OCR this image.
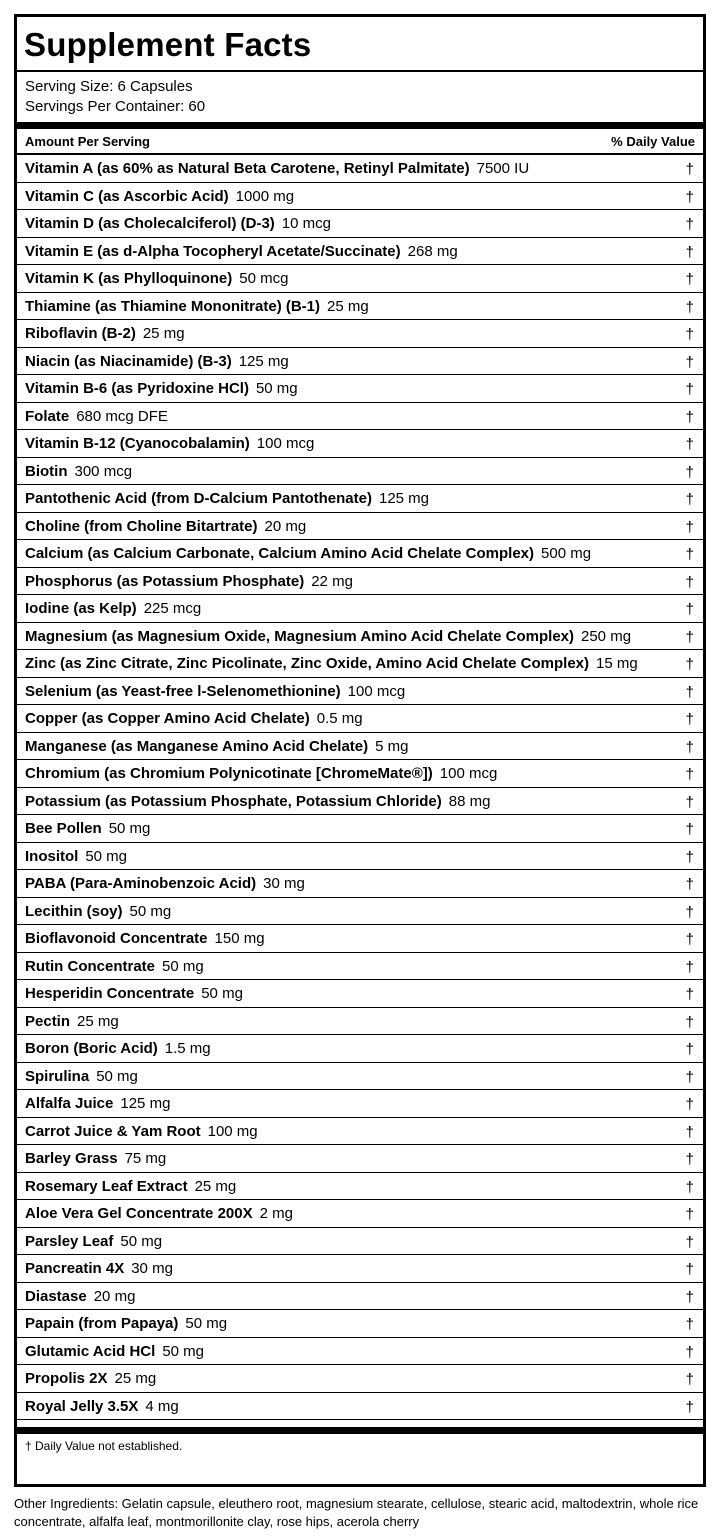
Supplement Facts
Serving Size: 6 Capsules
Servings Per Container: 60
Amount Per Serving	% Daily Value
Vitamin A (as 60% as Natural Beta Carotene, Retinyl Palmitate) 7500 IU	†
Vitamin C (as Ascorbic Acid) 1000 mg	†
Vitamin D (as Cholecalciferol) (D-3) 10 mcg	†
Vitamin E (as d-Alpha Tocopheryl Acetate/Succinate) 268 mg	†
Vitamin K (as Phylloquinone) 50 mcg	†
Thiamine (as Thiamine Mononitrate) (B-1) 25 mg	†
Riboflavin (B-2) 25 mg	†
Niacin (as Niacinamide) (B-3) 125 mg	†
Vitamin B-6 (as Pyridoxine HCl) 50 mg	†
Folate 680 mcg DFE	†
Vitamin B-12 (Cyanocobalamin) 100 mcg	†
Biotin 300 mcg	†
Pantothenic Acid (from D-Calcium Pantothenate) 125 mg	†
Choline (from Choline Bitartrate) 20 mg	†
Calcium (as Calcium Carbonate, Calcium Amino Acid Chelate Complex) 500 mg	†
Phosphorus (as Potassium Phosphate) 22 mg	†
Iodine (as Kelp) 225 mcg	†
Magnesium (as Magnesium Oxide, Magnesium Amino Acid Chelate Complex) 250 mg	†
Zinc (as Zinc Citrate, Zinc Picolinate, Zinc Oxide, Amino Acid Chelate Complex) 15 mg	†
Selenium (as Yeast-free l-Selenomethionine) 100 mcg	†
Copper (as Copper Amino Acid Chelate) 0.5 mg	†
Manganese (as Manganese Amino Acid Chelate) 5 mg	†
Chromium (as Chromium Polynicotinate [ChromeMate®]) 100 mcg	†
Potassium (as Potassium Phosphate, Potassium Chloride) 88 mg	†
Bee Pollen 50 mg	†
Inositol 50 mg	†
PABA (Para-Aminobenzoic Acid) 30 mg	†
Lecithin (soy) 50 mg	†
Bioflavonoid Concentrate 150 mg	†
Rutin Concentrate 50 mg	†
Hesperidin Concentrate 50 mg	†
Pectin 25 mg	†
Boron (Boric Acid) 1.5 mg	†
Spirulina 50 mg	†
Alfalfa Juice 125 mg	†
Carrot Juice & Yam Root 100 mg	†
Barley Grass 75 mg	†
Rosemary Leaf Extract 25 mg	†
Aloe Vera Gel Concentrate 200X 2 mg	†
Parsley Leaf 50 mg	†
Pancreatin 4X 30 mg	†
Diastase 20 mg	†
Papain (from Papaya) 50 mg	†
Glutamic Acid HCl 50 mg	†
Propolis 2X 25 mg	†
Royal Jelly 3.5X 4 mg	†
† Daily Value not established.
Other Ingredients: Gelatin capsule, eleuthero root, magnesium stearate, cellulose, stearic acid, maltodextrin, whole rice concentrate, alfalfa leaf, montmorillonite clay, rose hips, acerola cherry
